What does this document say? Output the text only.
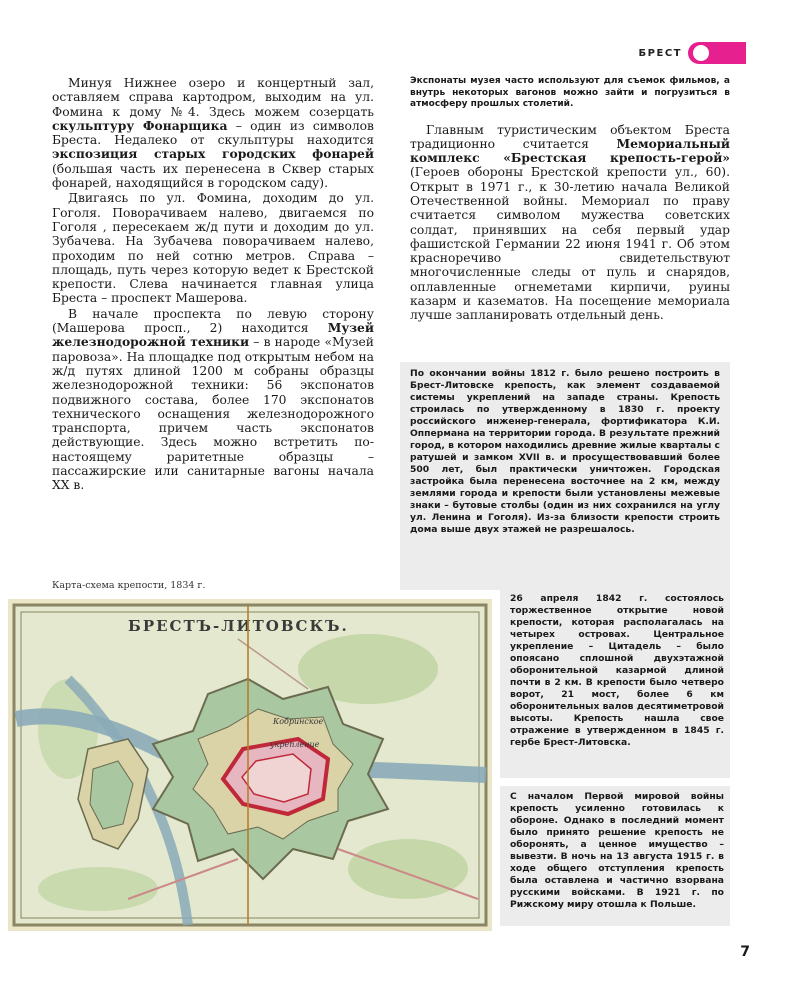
БРЕСТ

Минуя Нижнее озеро и концертный зал, оставляем справа картодром, выходим на ул. Фомина к дому №4. Здесь можем созерцать скульптуру Фонарщика – один из символов Бреста. Недалеко от скульптуры находится экспозиция старых городских фонарей (большая часть их перенесена в Сквер старых фонарей, находящийся в городском саду).

Двигаясь по ул. Фомина, доходим до ул. Гоголя. Поворачиваем налево, двигаемся по Гоголя , пересекаем ж/д пути и доходим до ул. Зубачева. На Зубачева поворачиваем налево, проходим по ней сотню метров. Справа – площадь, путь через которую ведет к Брестской крепости. Слева начинается главная улица Бреста – проспект Машерова.

В начале проспекта по левую сторону (Машерова просп., 2) находится Музей железнодорожной техники – в народе «Музей паровоза». На площадке под открытым небом на ж/д путях длиной 1200 м собраны образцы железнодорожной техники: 56 экспонатов подвижного состава, более 170 экспонатов технического оснащения железнодорожного транспорта, причем часть экспонатов действующие. Здесь можно встретить по-настоящему раритетные образцы – пассажирские или санитарные вагоны начала XX в.

Экспонаты музея часто используют для съемок фильмов, а внутрь некоторых вагонов можно зайти и погрузиться в атмосферу прошлых столетий.

Главным туристическим объектом Бреста традиционно считается Мемориальный комплекс «Брестская крепость-герой» (Героев обороны Брестской крепости ул., 60). Открыт в 1971 г., к 30-летию начала Великой Отечественной войны. Мемориал по праву считается символом мужества советских солдат, принявших на себя первый удар фашистской Германии 22 июня 1941 г. Об этом красноречиво свидетельствуют многочисленные следы от пуль и снарядов, оплавленные огнеметами кирпичи, руины казарм и казематов. На посещение мемориала лучше запланировать отдельный день.

По окончании войны 1812 г. было решено построить в Брест-Литовске крепость, как элемент создаваемой системы укреплений на западе страны. Крепость строилась по утвержденному в 1830 г. проекту российского инженер-генерала, фортификатора К.И. Оппермана на территории города. В результате прежний город, в котором находились древние жилые кварталы с ратушей и замком XVII в. и просуществовавший более 500 лет, был практически уничтожен. Городская застройка была перенесена восточнее на 2 км, между землями города и крепости были установлены межевые знаки – бутовые столбы (один из них сохранился на углу ул. Ленина и Гоголя). Из-за близости крепости строить дома выше двух этажей не разрешалось.

26 апреля 1842 г. состоялось торжественное открытие новой крепости, которая располагалась на четырех островах. Центральное укрепление – Цитадель – было опоясано сплошной двухэтажной оборонительной казармой длиной почти в 2 км. В крепости было четверо ворот, 21 мост, более 6 км оборонительных валов десятиметровой высоты. Крепость нашла свое отражение в утвержденном в 1845 г. гербе Брест-Литовска.

С началом Первой мировой войны крепость усиленно готовилась к обороне. Однако в последний момент было принято решение крепость не оборонять, а ценное имущество – вывезти. В ночь на 13 августа 1915 г. в ходе общего отступления крепость была оставлена и частично взорвана русскими войсками. В 1921 г. по Рижскому миру отошла к Польше.

Карта-схема крепости, 1834 г.
БРЕСТЪ-ЛИТОВСКЪ.
Кобринское
укрепление
7
